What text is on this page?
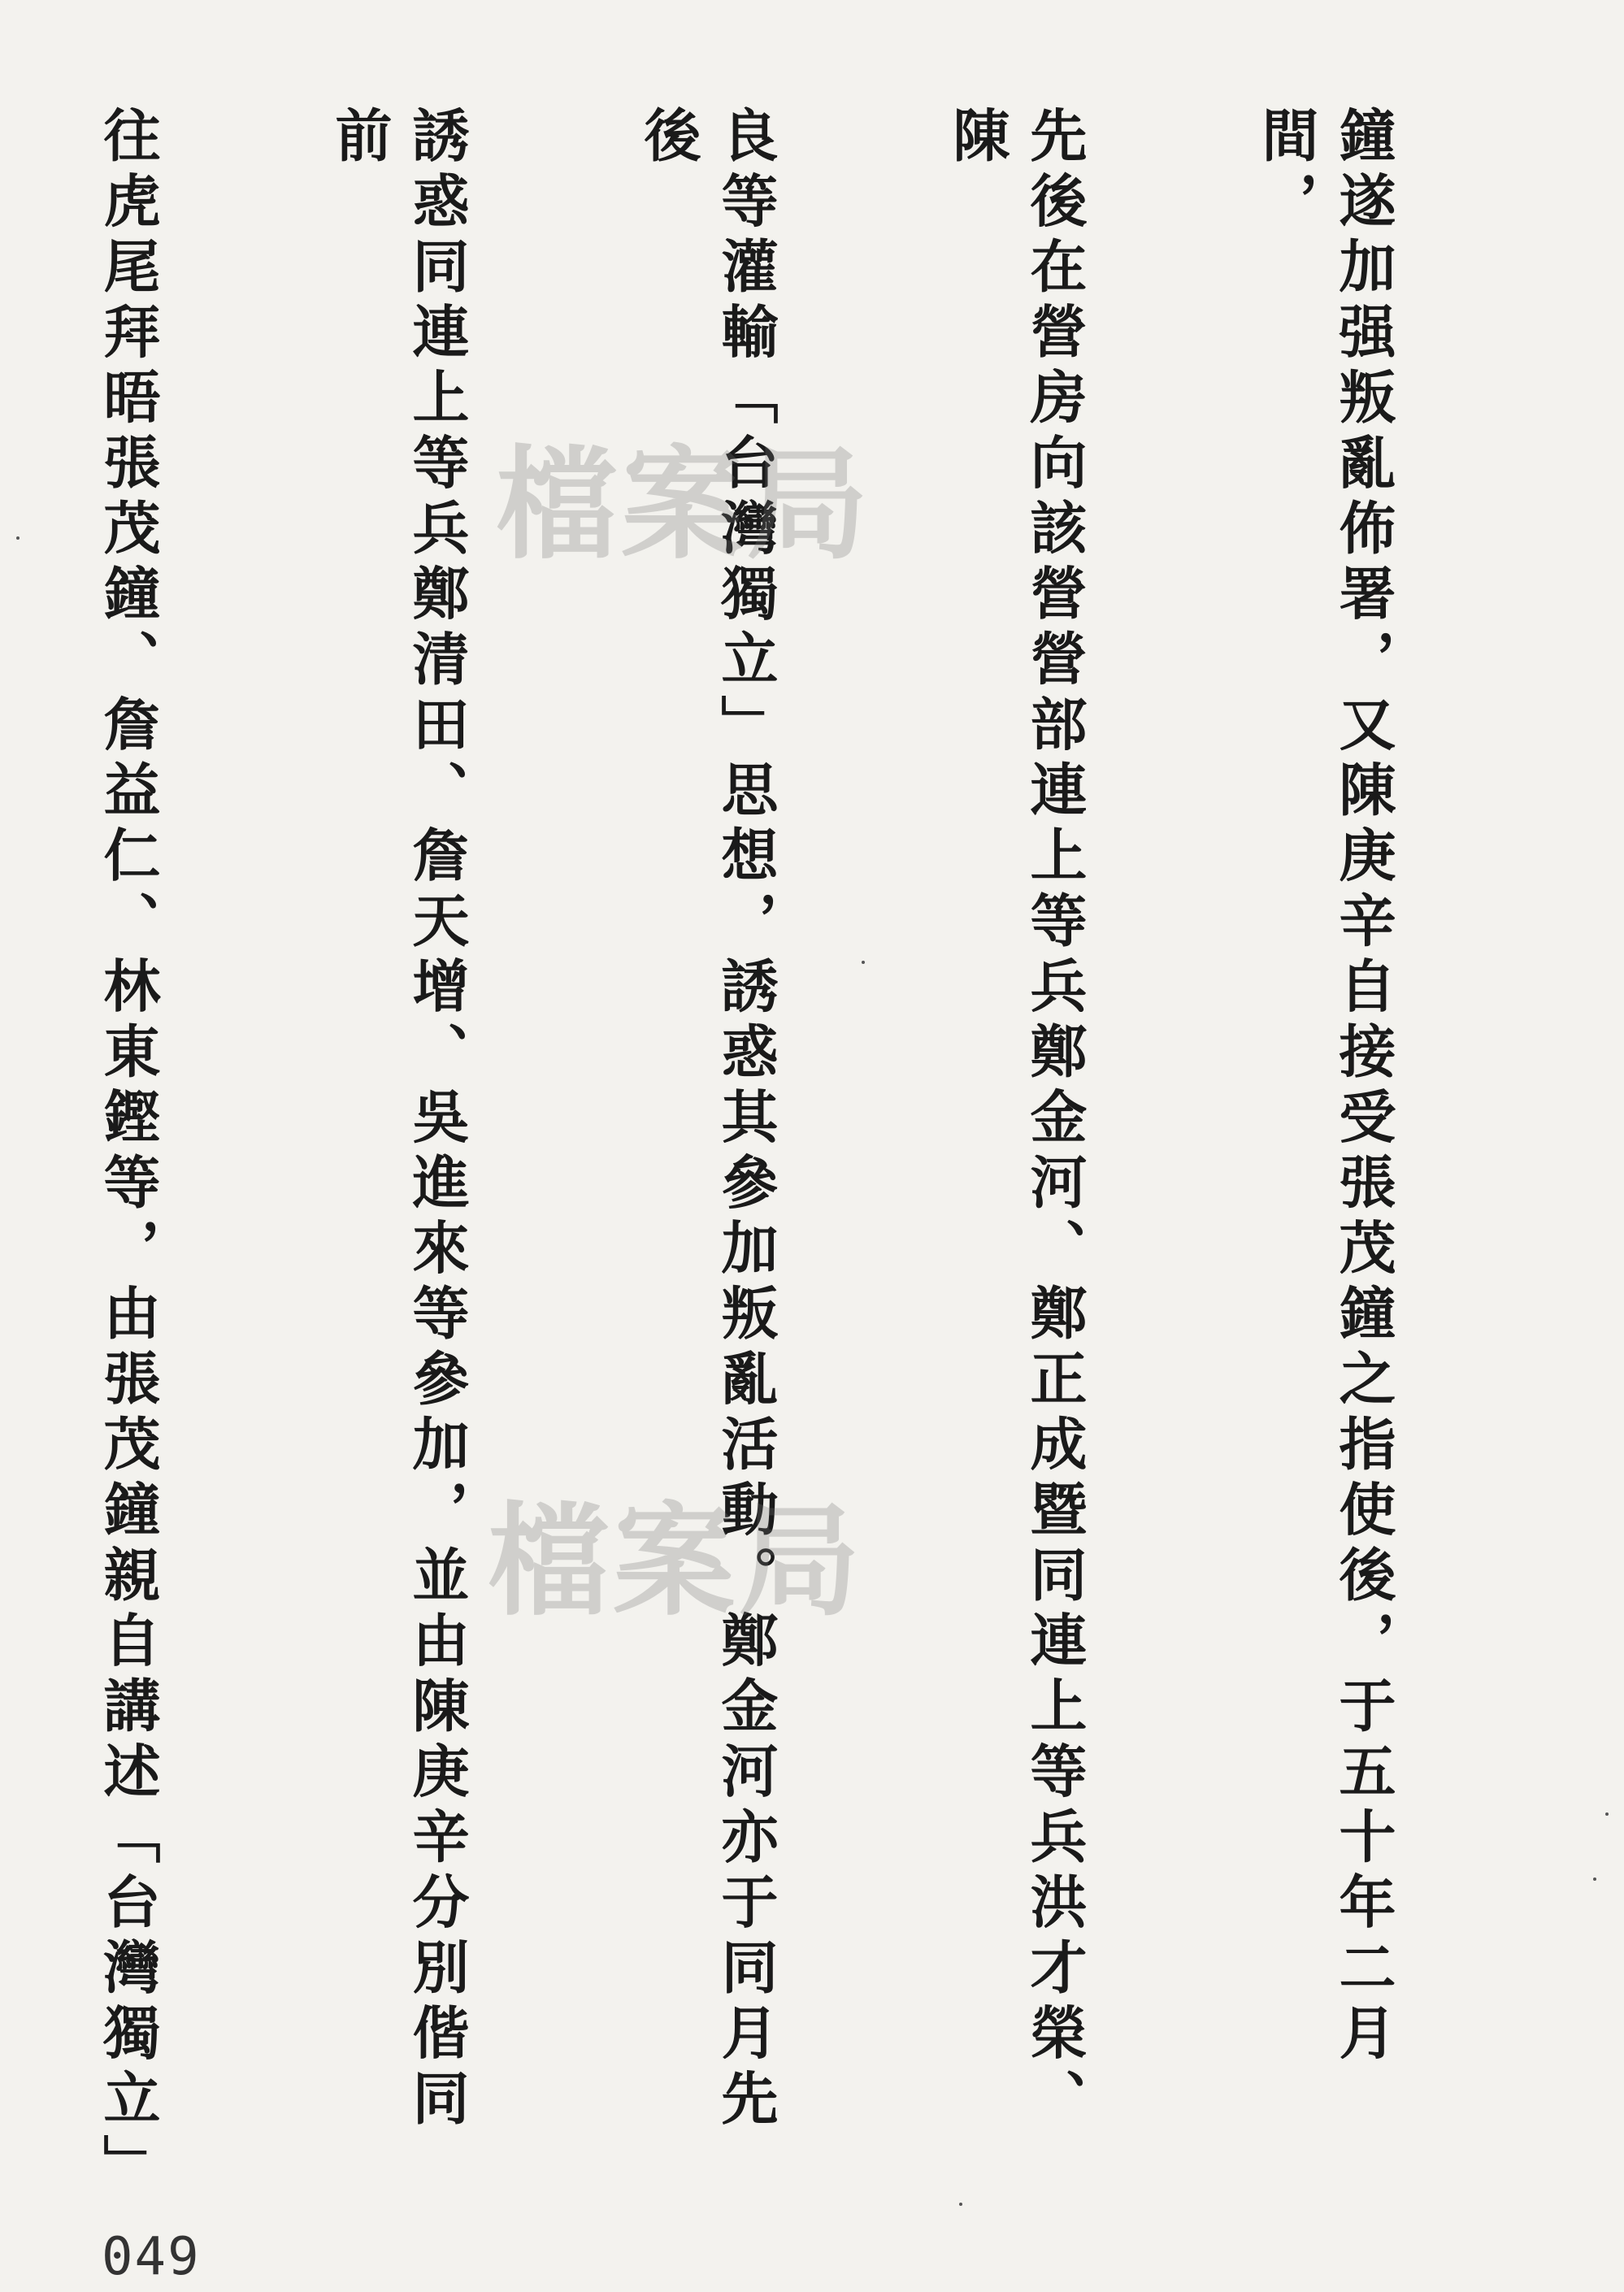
鐘遂加强叛亂佈署，又陳庚辛自接受張茂鐘之指使後，于五十年二月間，

先後在營房向該營營部連上等兵鄭金河、鄭正成暨同連上等兵洪才榮、陳

良等灌輸「台灣獨立」思想，誘惑其參加叛亂活動。鄭金河亦于同月先後

誘惑同連上等兵鄭清田、詹天增、吳進來等參加，並由陳庚辛分別偕同前

往虎尾拜晤張茂鐘、詹益仁、林東鏗等，由張茂鐘親自講述「台灣獨立」

	檔案局
檔案局
049
